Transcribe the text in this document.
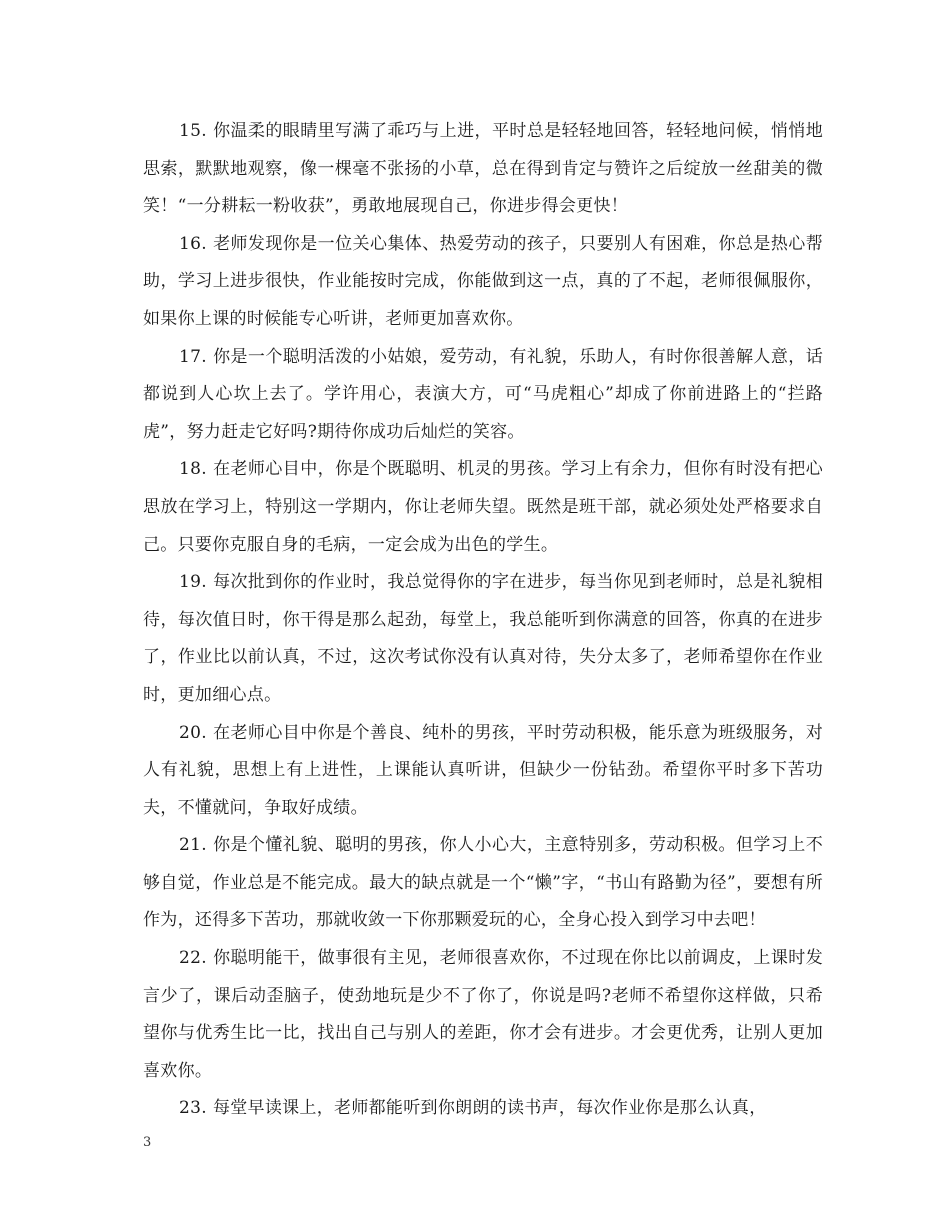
15. 你温柔的眼睛里写满了乖巧与上进，平时总是轻轻地回答，轻轻地问候，悄悄地思索，默默地观察，像一棵毫不张扬的小草，总在得到肯定与赞许之后绽放一丝甜美的微笑！“一分耕耘一粉收获”，勇敢地展现自己，你进步得会更快！

16. 老师发现你是一位关心集体、热爱劳动的孩子，只要别人有困难，你总是热心帮助，学习上进步很快，作业能按时完成，你能做到这一点，真的了不起，老师很佩服你，如果你上课的时候能专心听讲，老师更加喜欢你。

17. 你是一个聪明活泼的小姑娘，爱劳动，有礼貌，乐助人，有时你很善解人意，话都说到人心坎上去了。学许用心，表演大方，可“马虎粗心”却成了你前进路上的“拦路虎”，努力赶走它好吗?期待你成功后灿烂的笑容。

18. 在老师心目中，你是个既聪明、机灵的男孩。学习上有余力，但你有时没有把心思放在学习上，特别这一学期内，你让老师失望。既然是班干部，就必须处处严格要求自己。只要你克服自身的毛病，一定会成为出色的学生。

19. 每次批到你的作业时，我总觉得你的字在进步，每当你见到老师时，总是礼貌相待，每次值日时，你干得是那么起劲，每堂上，我总能听到你满意的回答，你真的在进步了，作业比以前认真，不过，这次考试你没有认真对待，失分太多了，老师希望你在作业时，更加细心点。

20. 在老师心目中你是个善良、纯朴的男孩，平时劳动积极，能乐意为班级服务，对人有礼貌，思想上有上进性，上课能认真听讲，但缺少一份钻劲。希望你平时多下苦功夫，不懂就问，争取好成绩。

21. 你是个懂礼貌、聪明的男孩，你人小心大，主意特别多，劳动积极。但学习上不够自觉，作业总是不能完成。最大的缺点就是一个“懒”字，“书山有路勤为径”，要想有所作为，还得多下苦功，那就收敛一下你那颗爱玩的心，全身心投入到学习中去吧！

22. 你聪明能干，做事很有主见，老师很喜欢你，不过现在你比以前调皮，上课时发言少了，课后动歪脑子，使劲地玩是少不了你了，你说是吗?老师不希望你这样做，只希望你与优秀生比一比，找出自己与别人的差距，你才会有进步。才会更优秀，让别人更加喜欢你。

23. 每堂早读课上，老师都能听到你朗朗的读书声，每次作业你是那么认真，

3
